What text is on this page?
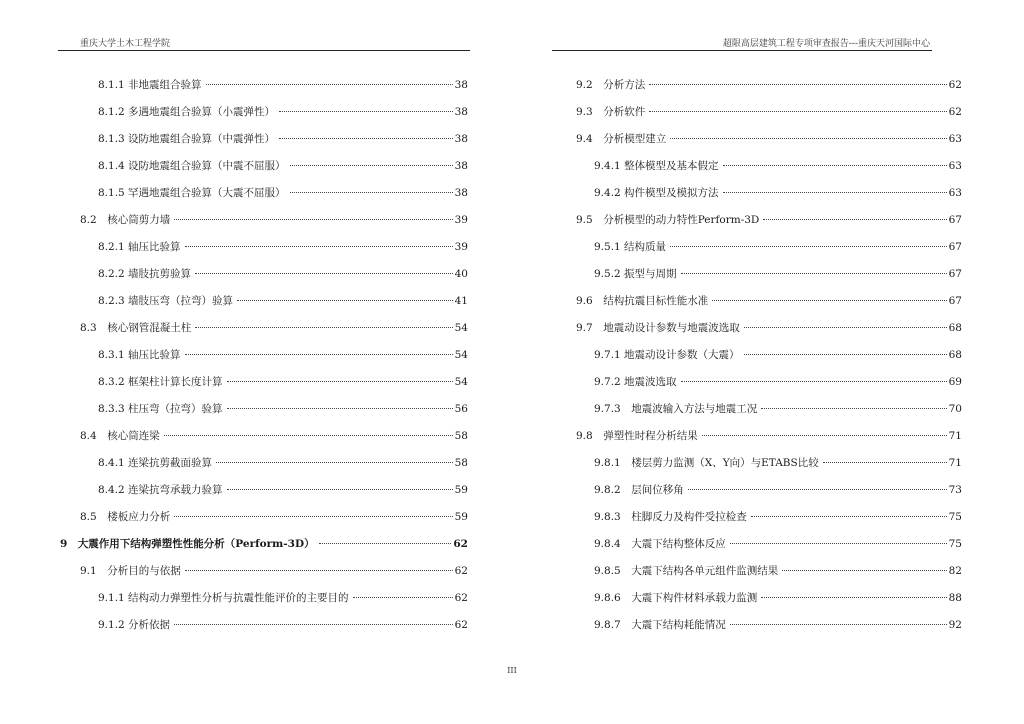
重庆大学土木工程学院	超限高层建筑工程专项审查报告---重庆天河国际中心
8.1.1 非地震组合验算	38
8.1.2 多遇地震组合验算（小震弹性）	38
8.1.3 设防地震组合验算（中震弹性）	38
8.1.4 设防地震组合验算（中震不屈服）	38
8.1.5 罕遇地震组合验算（大震不屈服）	38
8.2　核心筒剪力墙	39
8.2.1 轴压比验算	39
8.2.2 墙肢抗剪验算	40
8.2.3 墙肢压弯（拉弯）验算	41
8.3　核心钢管混凝土柱	54
8.3.1 轴压比验算	54
8.3.2 框架柱计算长度计算	54
8.3.3 柱压弯（拉弯）验算	56
8.4　核心筒连梁	58
8.4.1 连梁抗剪截面验算	58
8.4.2 连梁抗弯承载力验算	59
8.5　楼板应力分析	59
9　大震作用下结构弹塑性性能分析（Perform-3D）	62
9.1　分析目的与依据	62
9.1.1 结构动力弹塑性分析与抗震性能评价的主要目的	62
9.1.2 分析依据	62
9.2　分析方法	62
9.3　分析软件	62
9.4　分析模型建立	63
9.4.1 整体模型及基本假定	63
9.4.2 构件模型及模拟方法	63
9.5　分析模型的动力特性Perform-3D	67
9.5.1 结构质量	67
9.5.2 振型与周期	67
9.6　结构抗震目标性能水准	67
9.7　地震动设计参数与地震波选取	68
9.7.1 地震动设计参数（大震）	68
9.7.2 地震波选取	69
9.7.3　地震波输入方法与地震工况	70
9.8　弹塑性时程分析结果	71
9.8.1　楼层剪力监测（X、Y向）与ETABS比较	71
9.8.2　层间位移角	73
9.8.3　柱脚反力及构件受拉检查	75
9.8.4　大震下结构整体反应	75
9.8.5　大震下结构各单元组件监测结果	82
9.8.6　大震下构件材料承载力监测	88
9.8.7　大震下结构耗能情况	92
III
